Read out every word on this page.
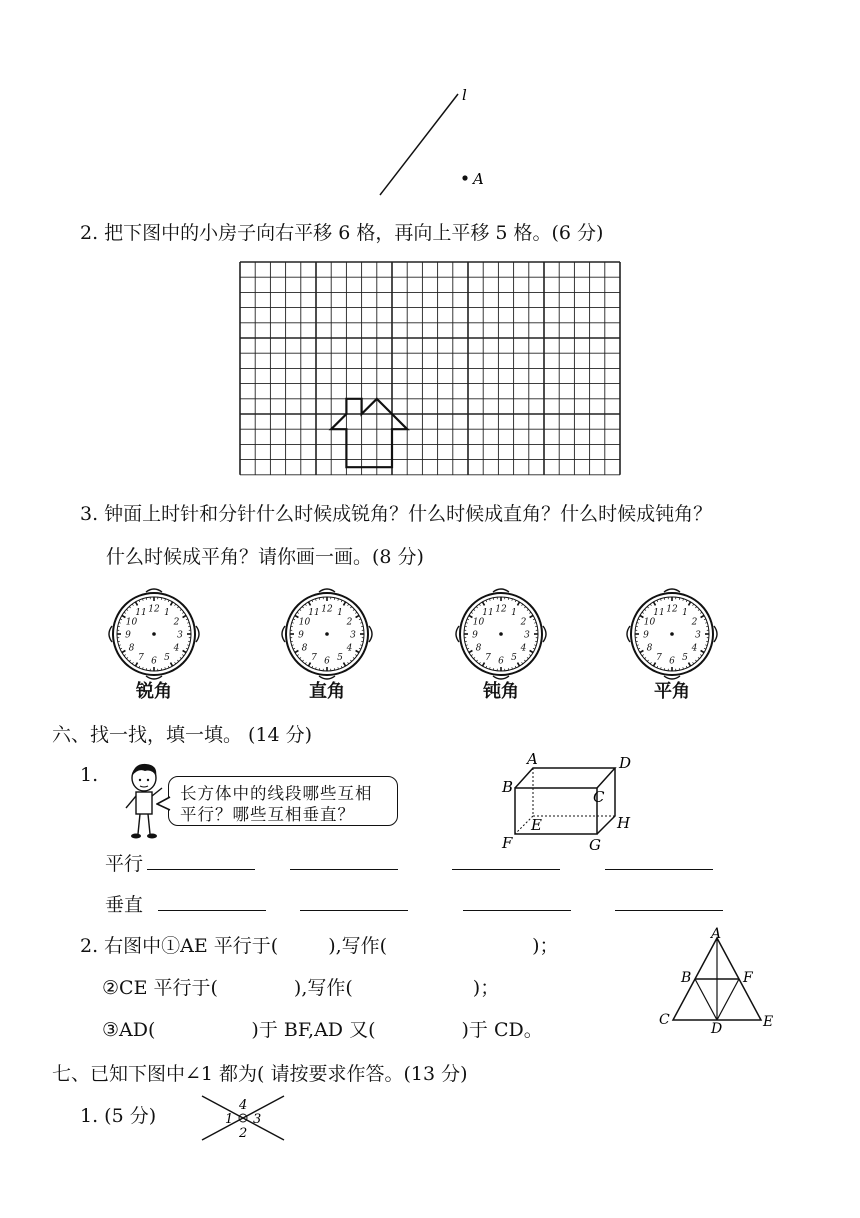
l
A
2. 把下图中的小房子向右平移 6 格，再向上平移 5 格。(6 分)
3. 钟面上时针和分针什么时候成锐角？什么时候成直角？什么时候成钝角？
什么时候成平角？请你画一画。(8 分)
12 1
2
3
4
5
6
7
8
9
10
11	12 1
2
3
4
5
6
7
8
9
10
11	12 1
2
3
4
5
6
7
8
9
10
11	12 1
2
3
4
5
6
7
8
9
10
11
锐角	直角	钝角	平角
六、找一找，填一填。 (14 分)
1.
长方体中的线段哪些互相
平行？哪些互相垂直？
A	D
B
C
E	H
F	G
平行
垂直
2. 右图中①AE 平行于(	),写作(	)；
②CE 平行于(	),写作(	)；
③AD(	)于 BF,AD 又(	)于 CD。
A
B	F
C
D	E
七、已知下图中∠1 都为( 请按要求作答。(13 分)
1. (5 分)	4
1 3
2
